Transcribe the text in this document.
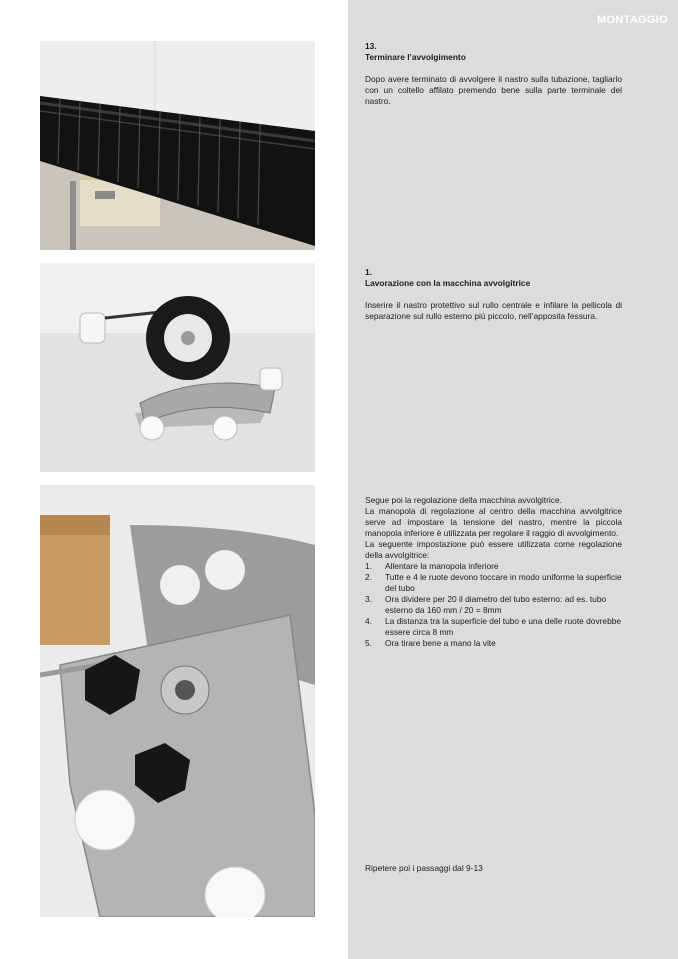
MONTAGGIO
13.
Terminare l’avvolgimento

Dopo avere terminato di avvolgere il nastro sulla tubazione, tagliarlo con un coltello affilato premendo bene sulla parte terminale del nastro.

1.
Lavorazione con la macchina avvolgitrice

Inserire il nastro protettivo sul rullo centrale e infilare la pellicola di separazione sul rullo esterno più piccolo, nell’apposita fessura.

Segue poi la regolazione della macchina avvolgitrice.

La manopola di regolazione al centro della macchina avvolgitrice serve ad impostare la tensione del nastro, mentre la piccola manopola inferiore è utilizzata per regolare il raggio di avvolgimento.

La seguente impostazione può essere utilizzata come regolazione della avvolgitrice:

1. Allentare la manopola inferiore
2. Tutte e 4 le ruote devono toccare in modo uniforme la superficie del tubo
3. Ora dividere per 20 il diametro del tubo esterno: ad es. tubo esterno da 160 mm / 20 = 8mm
4. La distanza tra la superficie del tubo e una delle ruote dovrebbe essere circa 8 mm
5. Ora tirare bene a mano la vite

Ripetere poi i passaggi dal 9-13
